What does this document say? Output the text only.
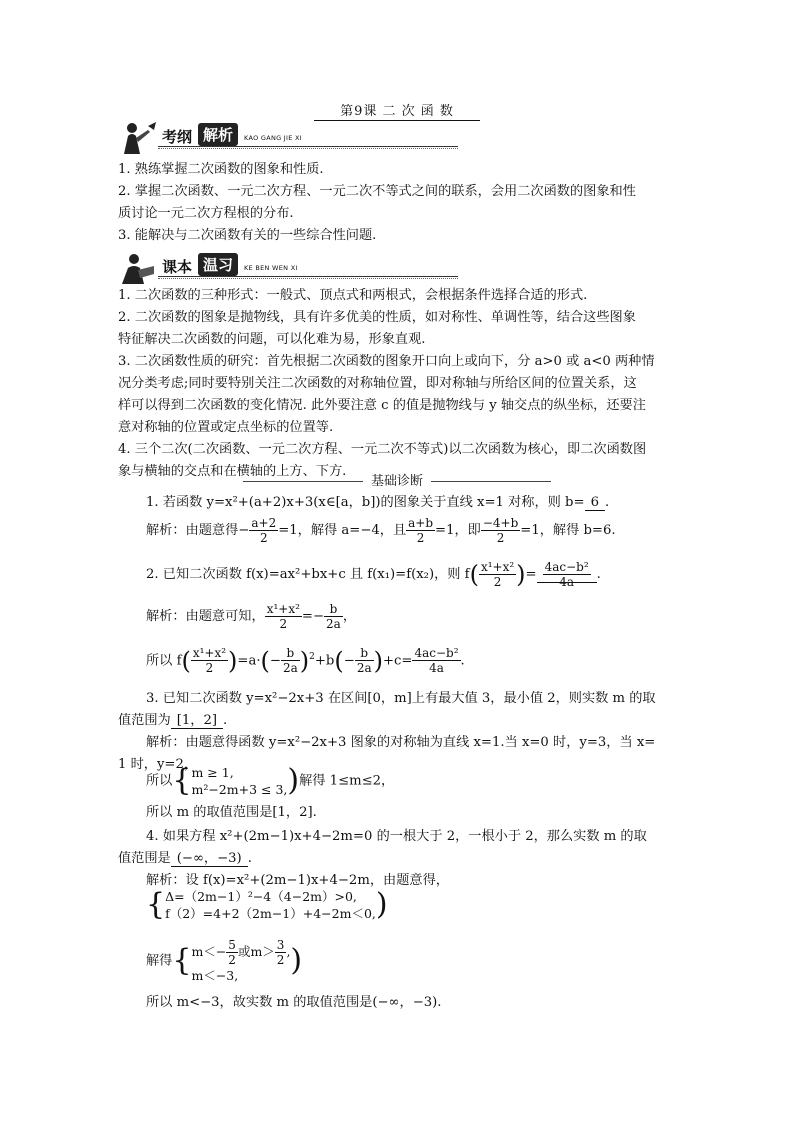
第9课 二 次 函 数
考纲 解析	KAO GANG JIE XI
1. 熟练掌握二次函数的图象和性质.
2. 掌握二次函数、一元二次方程、一元二次不等式之间的联系，会用二次函数的图象和性
质讨论一元二次方程根的分布.
3. 能解决与二次函数有关的一些综合性问题.
课本 温习	KE BEN WEN XI
1. 二次函数的三种形式：一般式、顶点式和两根式，会根据条件选择合适的形式.
2. 二次函数的图象是抛物线，具有许多优美的性质，如对称性、单调性等，结合这些图象
特征解决二次函数的问题，可以化难为易，形象直观.
3. 二次函数性质的研究：首先根据二次函数的图象开口向上或向下，分 a>0 或 a<0 两种情
况分类考虑;同时要特别关注二次函数的对称轴位置，即对称轴与所给区间的位置关系，这
样可以得到二次函数的变化情况. 此外要注意 c 的值是抛物线与 y 轴交点的纵坐标，还要注
意对称轴的位置或定点坐标的位置等.
4. 三个二次(二次函数、一元二次方程、一元二次不等式)以二次函数为核心，即二次函数图
象与横轴的交点和在横轴的上方、下方.
基础诊断
1. 若函数 y=x²+(a+2)x+3(x∈[a，b])的图象关于直线 x=1 对称，则 b= 6 .
解析：由题意得− $\frac{a+2}{2} =1$，解得 a=−4，且 $\frac{a+b}{2} =1$，即 $\frac{-4+b}{2} =1$，解得 b=6.
2. 已知二次函数 f(x)=ax²+bx+c 且 f(x₁)=f(x₂)，则 $f( \frac{\text{x¹+x²}}{2}$ )= $\frac{\text{4ac−b²}}{4a}$ .
解析：由题意可知， $\frac{\text{x¹+x²}}{2} =- \frac{b}{2a}$ ，
所以 $f( \frac{\text{x¹+x²}}{2} )=a\cdot(- \frac{b}{2a} )^2+b(- \frac{b}{2a} )+c= \frac{\text{4ac−b²}}{4a}$ .
3. 已知二次函数 y=x²−2x+3 在区间[0，m]上有最大值 3，最小值 2，则实数 m 的取
值范围为 [1，2] .
解析：由题意得函数 y=x²−2x+3 图象的对称轴为直线 x=1.当 x=0 时，y=3，当 x=
1 时，y=2，
所以{ m ≥ 1,
m²−2m+3 ≤ 3, )解得 1≤m≤2，
所以 m 的取值范围是[1，2].
4. 如果方程 x²+(2m−1)x+4−2m=0 的一根大于 2，一根小于 2，那么实数 m 的取
值范围是 (−∞，−3) .
解析：设 f(x)=x²+(2m−1)x+4−2m，由题意得，
{ Δ=（2m−1）²−4（4−2m）>0,
f（2）=4+2（2m−1）+4−2m＜0, )
解得{ $m<- \frac{5}{2}$ 或$m> \frac{3}{2}$ ,
m＜−3,	)
所以 m<−3，故实数 m 的取值范围是(−∞，−3).
